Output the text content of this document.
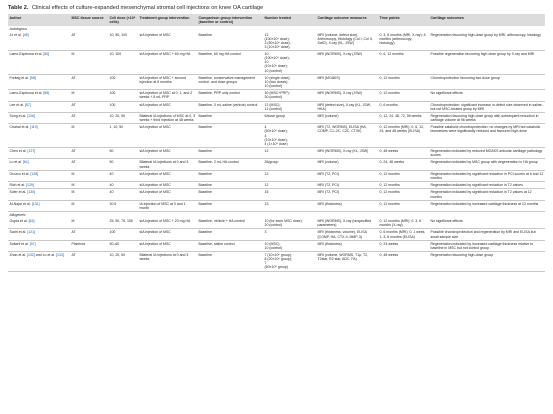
Table 2. Clinical effects of culture-expanded mesenchymal stromal cell injections on knee OA cartilage
Author	MSC tissue source	Cell dose (×10⁶ cells)	Treatment group intervention	Comparison group intervention (baseline or control)	Number treated	Cartilage outcome measures	Time points	Cartilage outcomes
Autologous								
Jo et al. [45]	AT	10, 50, 100	sIA injection of MSC	Baseline	12
(100×10⁶ dose);
3 (50×10⁶ dose);
3 (10×10⁶ dose)	MRI (volume, defect size), Arthroscopy, Histology (Col I, Col II, SafO), X-ray (KL, JSW)	0, 3, 6 months (MRI, X-ray); 6 months (arthroscopy, histology)	Regeneration favouring high-dose group by MRI, arthroscopy, histology
Lamo-Espinosa et al. [80]	M	10, 100	sIA injection of MSC + 60 mg HA	Baseline, 60 mg HA control	10
(100×10⁶ dose);
10
(10×10⁶ dose);
10 (control)	MRI (WORMS), X-ray (JSW)	0, 6, 12 months	Possible regeneration favouring high-dose group by X-ray and MRI
Freitag et al. [58]	AT	100	sIA injection of MSC + second injection at 6 months	Baseline, conservative management control, and dose groups	10 (single dose);
10 (two doses);
10 (control)	MRI (MOAKS)	0, 12 months	Chondroprotection favouring two-dose group
Lamo-Espinosa et al. [89]	M	100	sIA injection of MSC at 0, 1, and 2 weeks + 8 mL PRP	Baseline, PRP only control	30 (MSC+PRP);
30 (control)	MRI (WORMS), X-ray (JSW)	0, 12 months	No significant effects
Lee et al. [57]	AT	100	sIA injection of MSC	Baseline, 3 mL saline (vehicle) control	12 (MSC);
12 (control)	MRI (defect size), X-ray (KL, JSW, HKA)	0, 6 months	Chondroprotection: significant increase in defect size observed in saline- but not MSC-treated group by MRI
Song et al. [126]	AT	10, 20, 50	Bilateral IA injections of MSC at 0, 3 weeks + third injection at 48 weeks	Baseline	6/dose group	MRI (volume)	0, 12, 24, 48, 72, 96 weeks	Regeneration favouring high-dose group with subsequent reduction in cartilage volume at 96 weeks
Chahal et al. [119]	M	1, 10, 50	sIA injection of MSC	Baseline	4
(50×10⁶ dose);
4
(10×10⁶ dose);
4 (1×10⁶ dose)	MRI (T2, WORMS), ELISA (HA, COMP, C1–2C, C2C, CTXII)	0, 12 months (MRI); 0, 6, 12, 24, and 48 weeks (ELISA)	Possible catabolic chondroprotection: no changes by MRI but catabolic biomarkers were significantly reduced and favoured high-dose
Chen et al. [127]	AT	50	sIA injection of MSC	Baseline	12	MRI (WORMS), X-ray (KL, JSW)	0, 48 weeks	Regeneration indicated by reduced MOAKS articular cartilage pathology scores
Lu et al. [61]	AT	50	Bilateral IA injections at 0 and 3 weeks	Baseline, 2 mL HA control	26/group	MRI (volume)	0, 24, 48 weeks	Regeneration indicated by MSC group with degeneration in HA group
Orozco et al. [128]	M	40	sIA injection of MSC	Baseline	12	MRI (T2, PCI)	0, 12 months	Regeneration indicated by significant reduction in PCI scores at 6 and 12 months
Rich et al. [129]	M	40	sIA injection of MSC	Baseline	12	MRI (T2, PCI)	0, 12 months	Regeneration indicated by significant reduction in T2 values
Soler et al. [130]	M	40	sIA injection of MSC	Baseline	15	MRI (T2, PCI)	0, 12 months	Regeneration indicated by significant reduction in T2 values at 12 months
Al-Najar et al. [131]	M	30.5	IA injection of MSC at 0 and 1 month	Baseline	13	MRI (thickness)	0, 12 months	Regeneration indicated by increased cartilage thickness at 12 months
Allogeneic								
Gupta et al. [63]	M	25, 50, 75, 150	sIA injection of MSC + 20 mg HA	Baseline, vehicle + HA control	10 (for each MSC dose);
20 (control)	MRI (WORMS), X-ray (unspecified parameters)	0, 12 months (MRI); 0, 3, 6 months (X-ray)	No significant effects
Sadri et al. [121]	AT	100	sIA injection of MSC	Baseline	3	MRI (thickness, volume), ELISA (COMP, HA, CTX-II, MMP-3)	0, 6 months (MRI); 0, 1 week, 1, 3, 6 months (ELISA)	Possible chondroprotection and regeneration by MRI and ELISA but small sample size
Soltani et al. [97]	Placenta	50–60	sIA injection of MSC	Baseline, saline control	10 (MSC);
10 (control)	MRI (thickness)	0, 24 weeks	Regeneration indicated by increased cartilage thickness relative to baseline in MSC but not control group
Zhao et al. [132] and Lu et al. [133]	AT	10, 20, 50	Bilateral IA injections at 0 and 3 weeks	Baseline	7 (10×10⁶ group);
8 (20×10⁶ group);
7
(50×10⁶ group)	MRI (volume, WORMS, T1ρ, T2, T2star, R2 star, ADC, FA)	0, 48 weeks	Regeneration favouring high-dose group
